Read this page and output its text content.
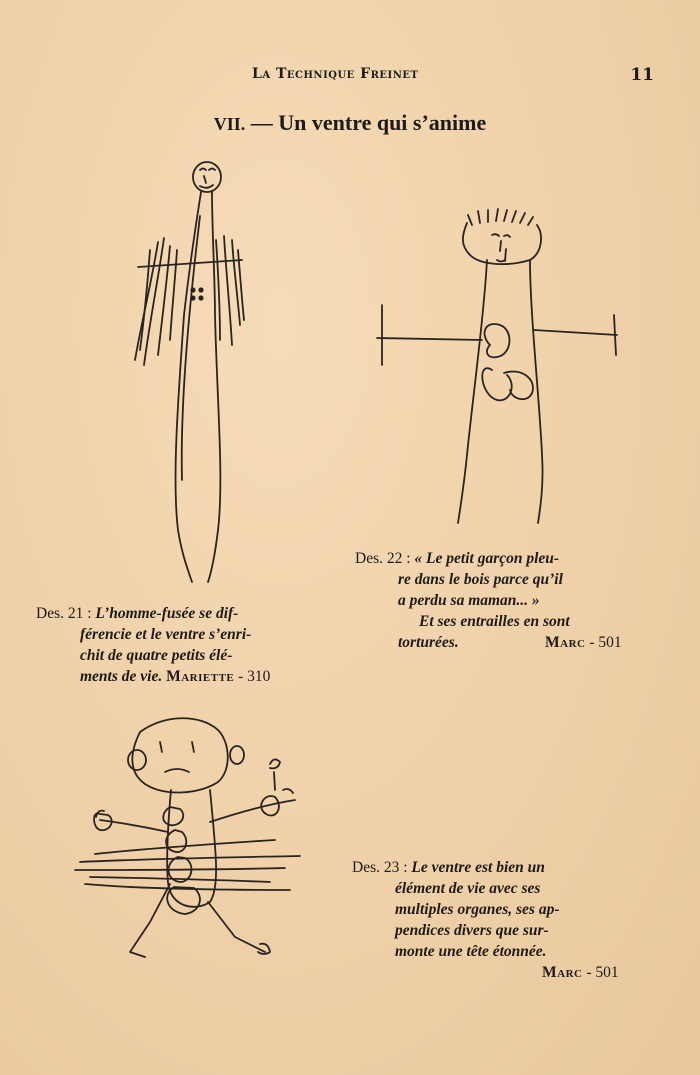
La Technique Freinet	11
VII. — Un ventre qui s’anime
Des. 21 : L’homme-fusée se dif-
férencie et le ventre s’enri-
chit de quatre petits élé-
ments de vie. Mariette - 310
Des. 22 : « Le petit garçon pleu-
re dans le bois parce qu’il
a perdu sa maman... »
Et ses entrailles en sont
torturées.	Marc - 501
Des. 23 : Le ventre est bien un
élément de vie avec ses
multiples organes, ses ap-
pendices divers que sur-
monte une tête étonnée.
Marc - 501
